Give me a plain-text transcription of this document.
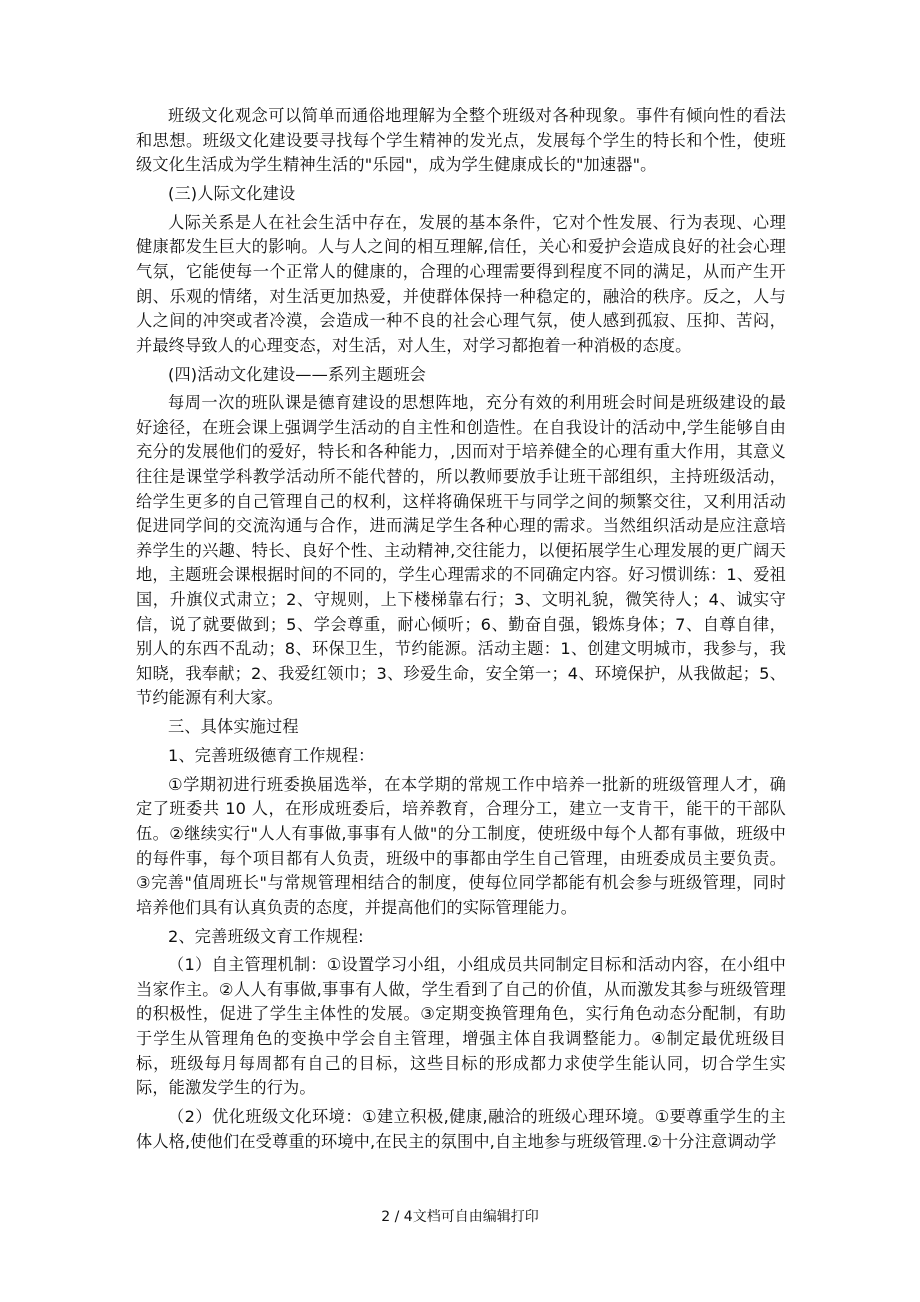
班级文化观念可以简单而通俗地理解为全整个班级对各种现象。事件有倾向性的看法和思想。班级文化建设要寻找每个学生精神的发光点，发展每个学生的特长和个性，使班级文化生活成为学生精神生活的"乐园"，成为学生健康成长的"加速器"。

(三)人际文化建设

人际关系是人在社会生活中存在，发展的基本条件，它对个性发展、行为表现、心理健康都发生巨大的影响。人与人之间的相互理解,信任，关心和爱护会造成良好的社会心理气氛，它能使每一个正常人的健康的，合理的心理需要得到程度不同的满足，从而产生开朗、乐观的情绪，对生活更加热爱，并使群体保持一种稳定的，融洽的秩序。反之，人与人之间的冲突或者冷漠，会造成一种不良的社会心理气氛，使人感到孤寂、压抑、苦闷，并最终导致人的心理变态，对生活，对人生，对学习都抱着一种消极的态度。

(四)活动文化建设——系列主题班会

每周一次的班队课是德育建设的思想阵地，充分有效的利用班会时间是班级建设的最好途径，在班会课上强调学生活动的自主性和创造性。在自我设计的活动中,学生能够自由充分的发展他们的爱好，特长和各种能力，,因而对于培养健全的心理有重大作用，其意义往往是课堂学科教学活动所不能代替的，所以教师要放手让班干部组织，主持班级活动，给学生更多的自己管理自己的权利，这样将确保班干与同学之间的频繁交往，又利用活动促进同学间的交流沟通与合作，进而满足学生各种心理的需求。当然组织活动是应注意培养学生的兴趣、特长、良好个性、主动精神,交往能力，以便拓展学生心理发展的更广阔天地，主题班会课根据时间的不同的，学生心理需求的不同确定内容。好习惯训练：1、爱祖国，升旗仪式肃立；2、守规则，上下楼梯靠右行；3、文明礼貌，微笑待人；4、诚实守信，说了就要做到；5、学会尊重，耐心倾听；6、勤奋自强，锻炼身体；7、自尊自律，别人的东西不乱动；8、环保卫生，节约能源。活动主题：1、创建文明城市，我参与，我知晓，我奉献；2、我爱红领巾；3、珍爱生命，安全第一；4、环境保护，从我做起；5、节约能源有利大家。

三、具体实施过程

1、完善班级德育工作规程：

①学期初进行班委换届选举，在本学期的常规工作中培养一批新的班级管理人才，确定了班委共 10 人，在形成班委后，培养教育，合理分工，建立一支肯干，能干的干部队伍。②继续实行"人人有事做,事事有人做"的分工制度，使班级中每个人都有事做，班级中的每件事，每个项目都有人负责，班级中的事都由学生自己管理，由班委成员主要负责。③完善"值周班长"与常规管理相结合的制度，使每位同学都能有机会参与班级管理，同时培养他们具有认真负责的态度，并提高他们的实际管理能力。

2、完善班级文育工作规程:

（1）自主管理机制：①设置学习小组，小组成员共同制定目标和活动内容，在小组中当家作主。②人人有事做,事事有人做，学生看到了自己的价值，从而激发其参与班级管理的积极性，促进了学生主体性的发展。③定期变换管理角色，实行角色动态分配制，有助于学生从管理角色的变换中学会自主管理，增强主体自我调整能力。④制定最优班级目标，班级每月每周都有自己的目标，这些目标的形成都力求使学生能认同，切合学生实际，能激发学生的行为。

（2）优化班级文化环境：①建立积极,健康,融洽的班级心理环境。①要尊重学生的主体人格,使他们在受尊重的环境中,在民主的氛围中,自主地参与班级管理.②十分注意调动学

2 / 4文档可自由编辑打印
